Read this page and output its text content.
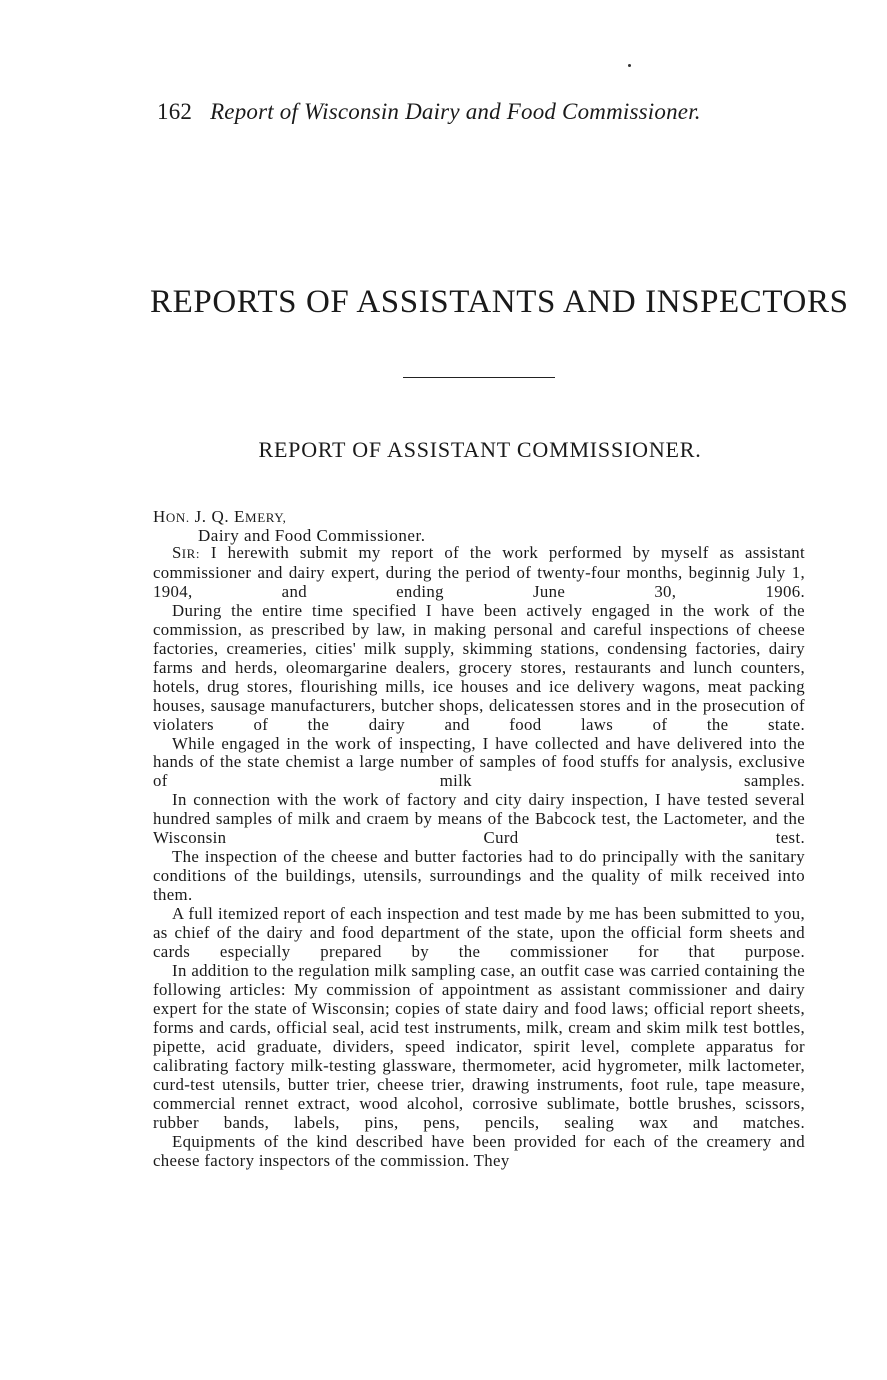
162 Report of Wisconsin Dairy and Food Commissioner.
REPORTS OF ASSISTANTS AND INSPECTORS
REPORT OF ASSISTANT COMMISSIONER.
HON. J. Q. EMERY,
Dairy and Food Commissioner.

SIR: I herewith submit my report of the work performed by myself as assistant commissioner and dairy expert, during the period of twenty-four months, beginnig July 1, 1904, and ending June 30, 1906.

During the entire time specified I have been actively engaged in the work of the commission, as prescribed by law, in making personal and careful inspections of cheese factories, creameries, cities' milk supply, skimming stations, condensing factories, dairy farms and herds, oleomargarine dealers, grocery stores, restaurants and lunch counters, hotels, drug stores, flourishing mills, ice houses and ice delivery wagons, meat packing houses, sausage manufacturers, butcher shops, delicatessen stores and in the prosecution of violaters of the dairy and food laws of the state.

While engaged in the work of inspecting, I have collected and have delivered into the hands of the state chemist a large number of samples of food stuffs for analysis, exclusive of milk samples.

In connection with the work of factory and city dairy inspection, I have tested several hundred samples of milk and craem by means of the Babcock test, the Lactometer, and the Wisconsin Curd test.

The inspection of the cheese and butter factories had to do principally with the sanitary conditions of the buildings, utensils, surroundings and the quality of milk received into them.

A full itemized report of each inspection and test made by me has been submitted to you, as chief of the dairy and food department of the state, upon the official form sheets and cards especially prepared by the commissioner for that purpose.

In addition to the regulation milk sampling case, an outfit case was carried containing the following articles: My commission of appointment as assistant commissioner and dairy expert for the state of Wisconsin; copies of state dairy and food laws; official report sheets, forms and cards, official seal, acid test instruments, milk, cream and skim milk test bottles, pipette, acid graduate, dividers, speed indicator, spirit level, complete apparatus for calibrating factory milk-testing glassware, thermometer, acid hygrometer, milk lactometer, curd-test utensils, butter trier, cheese trier, drawing instruments, foot rule, tape measure, commercial rennet extract, wood alcohol, corrosive sublimate, bottle brushes, scissors, rubber bands, labels, pins, pens, pencils, sealing wax and matches.

Equipments of the kind described have been provided for each of the creamery and cheese factory inspectors of the commission. They
